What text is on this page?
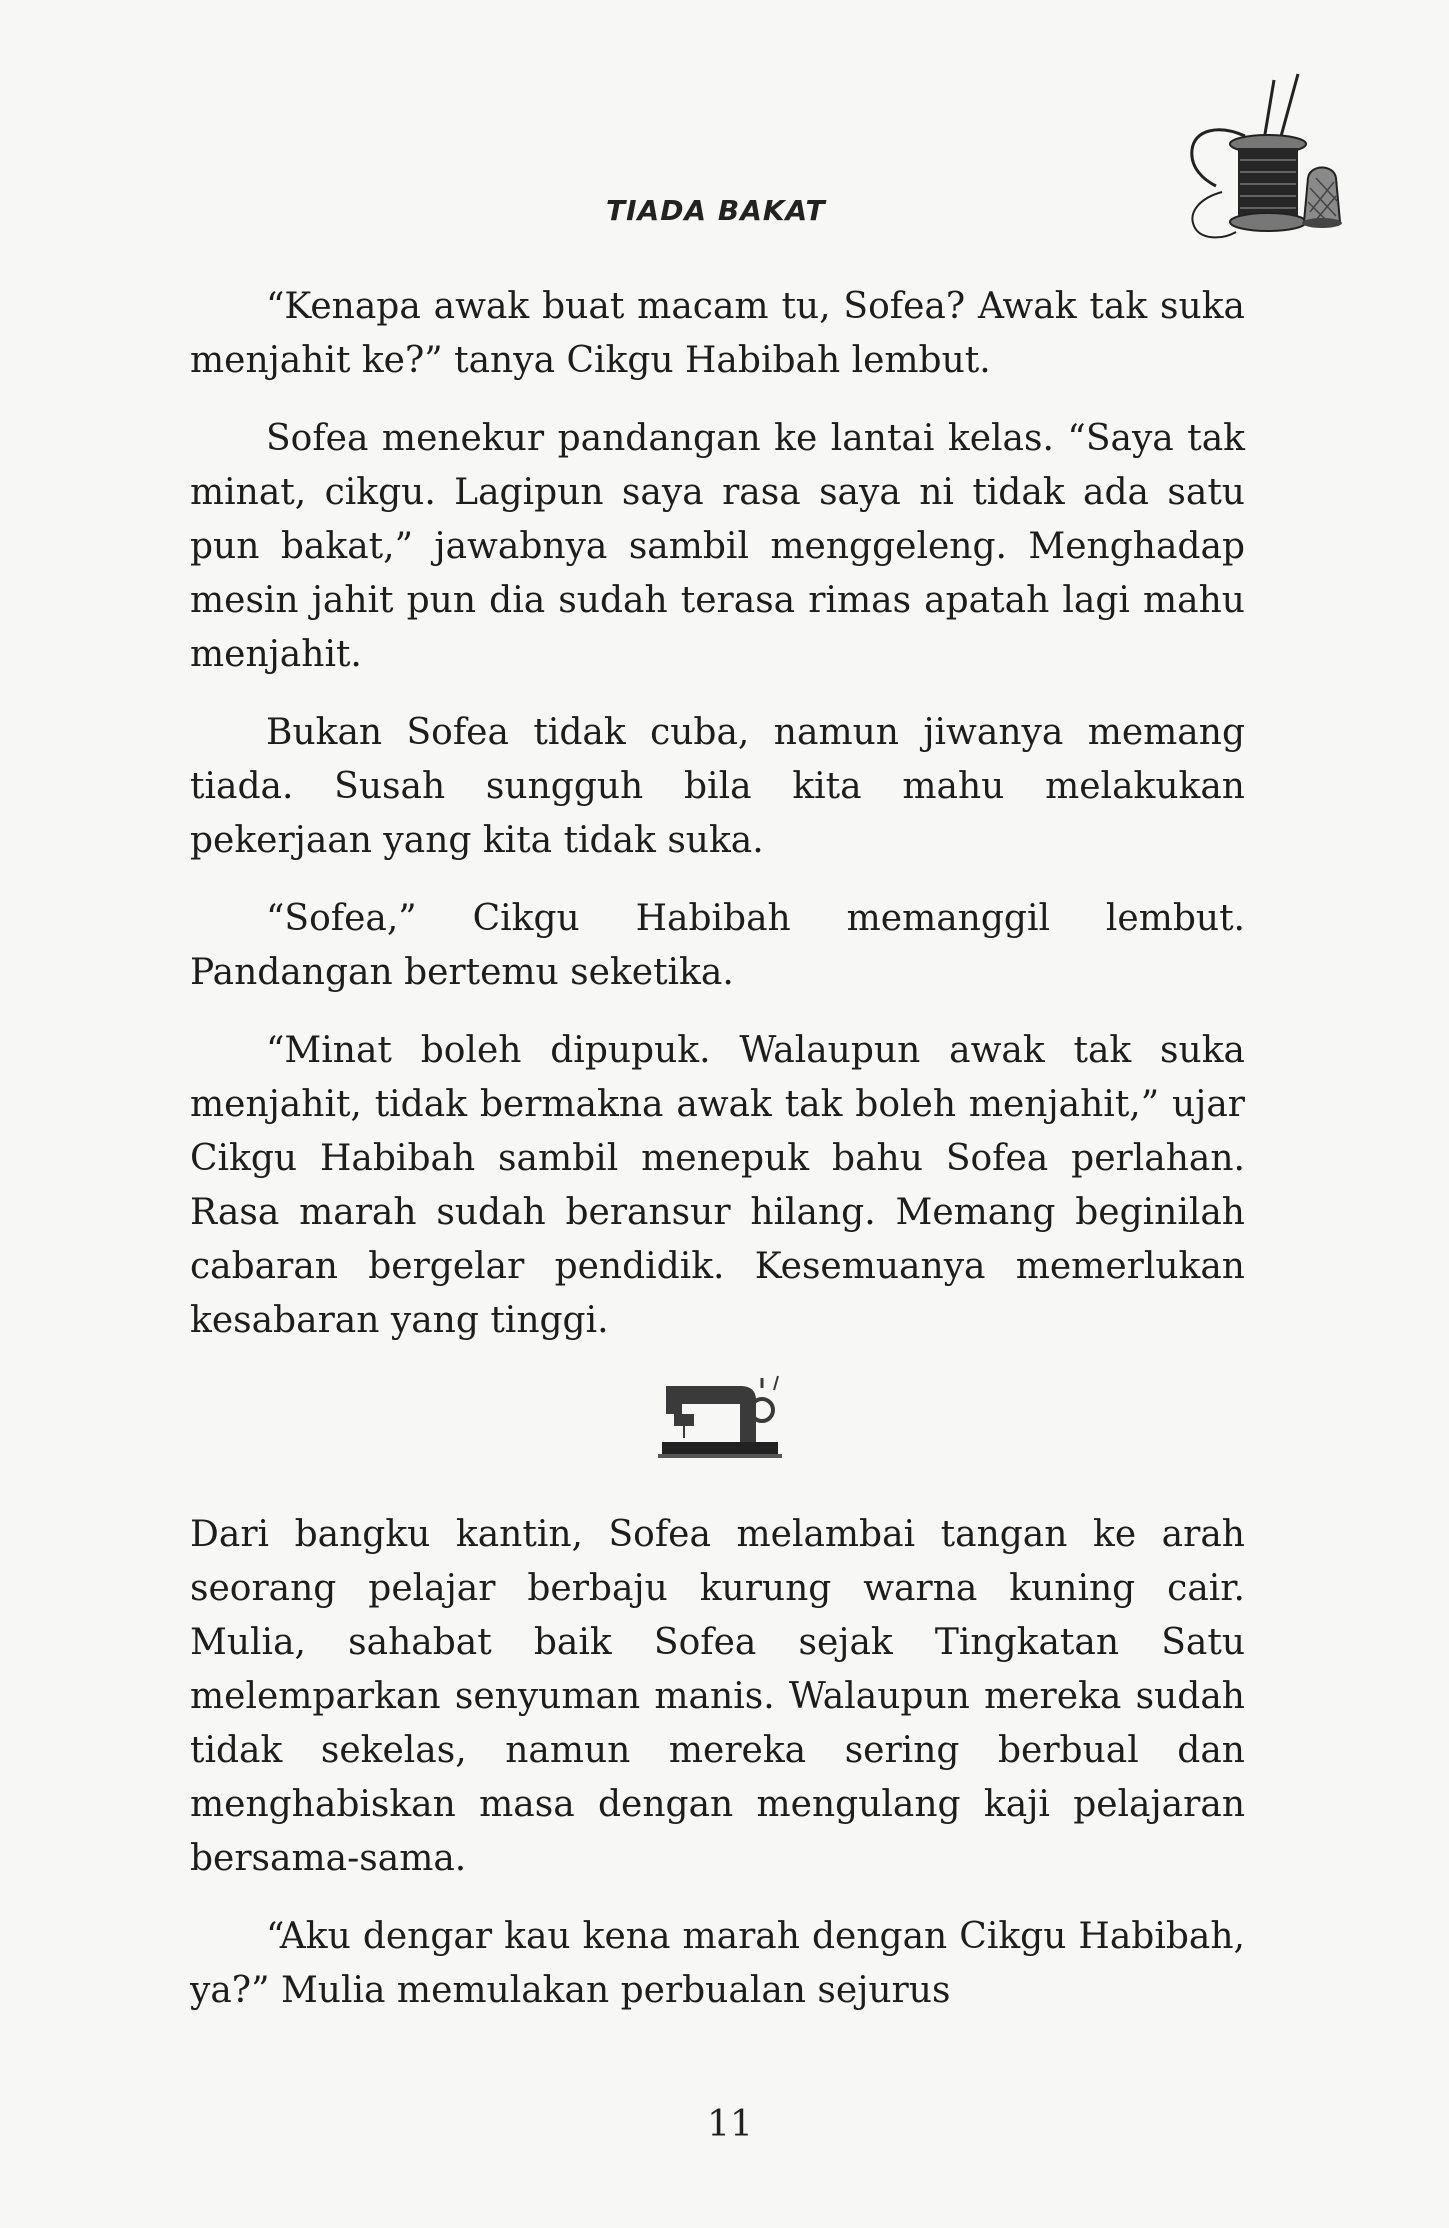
TIADA BAKAT

“Kenapa awak buat macam tu, Sofea? Awak tak suka menjahit ke?” tanya Cikgu Habibah lembut.

Sofea menekur pandangan ke lantai kelas. “Saya tak minat, cikgu. Lagipun saya rasa saya ni tidak ada satu pun bakat,” jawabnya sambil menggeleng. Menghadap mesin jahit pun dia sudah terasa rimas apatah lagi mahu menjahit.

Bukan Sofea tidak cuba, namun jiwanya memang tiada. Susah sungguh bila kita mahu melakukan pekerjaan yang kita tidak suka.

“Sofea,” Cikgu Habibah memanggil lembut. Pandangan bertemu seketika.

“Minat boleh dipupuk. Walaupun awak tak suka menjahit, tidak bermakna awak tak boleh menjahit,” ujar Cikgu Habibah sambil menepuk bahu Sofea perlahan. Rasa marah sudah beransur hilang. Memang beginilah cabaran bergelar pendidik. Kesemuanya memerlukan kesabaran yang tinggi.

Dari bangku kantin, Sofea melambai tangan ke arah seorang pelajar berbaju kurung warna kuning cair. Mulia, sahabat baik Sofea sejak Tingkatan Satu melemparkan senyuman manis. Walaupun mereka sudah tidak sekelas, namun mereka sering berbual dan menghabiskan masa dengan mengulang kaji pelajaran bersama-sama.

“Aku dengar kau kena marah dengan Cikgu Habibah, ya?” Mulia memulakan perbualan sejurus

11
